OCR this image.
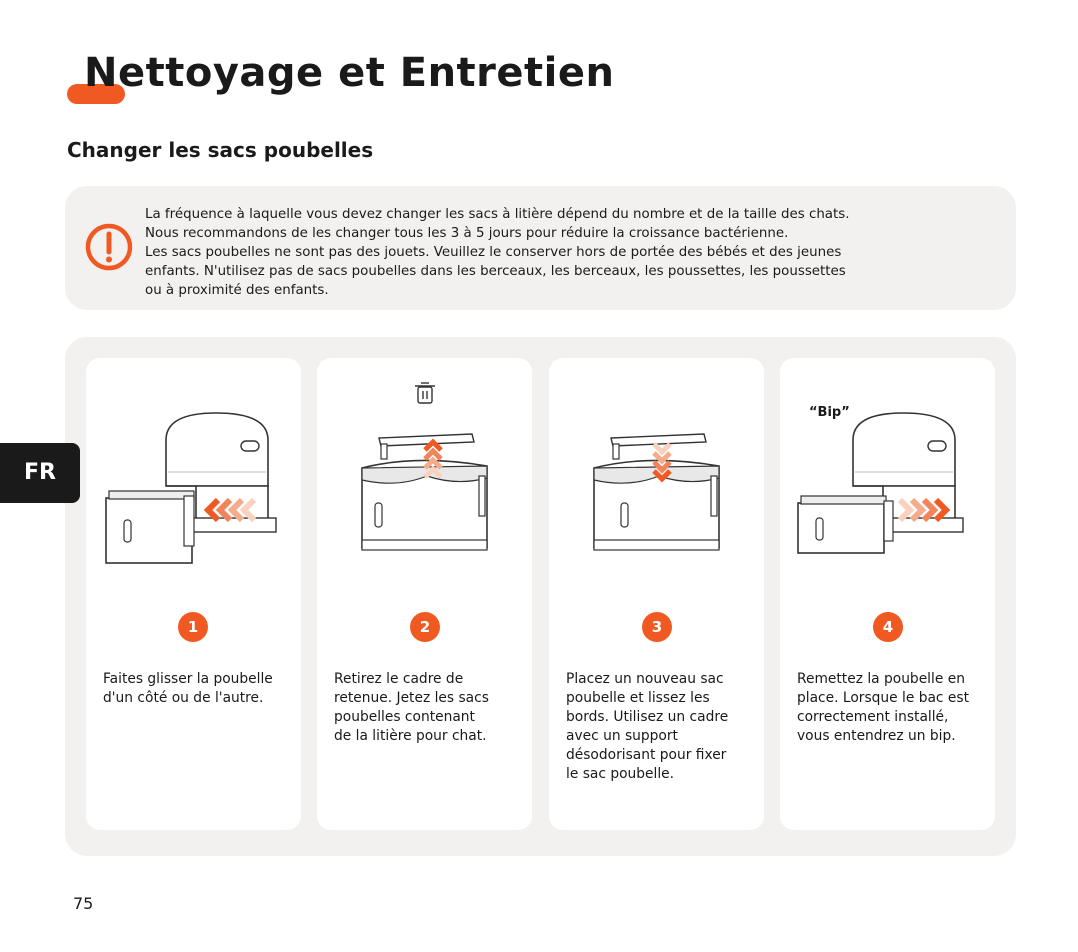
Nettoyage et Entretien
Changer les sacs poubelles

La fréquence à laquelle vous devez changer les sacs à litière dépend du nombre et de la taille des chats.
Nous recommandons de les changer tous les 3 à 5 jours pour réduire la croissance bactérienne.
Les sacs poubelles ne sont pas des jouets. Veuillez le conserver hors de portée des bébés et des jeunes
enfants. N'utilisez pas de sacs poubelles dans les berceaux, les berceaux, les poussettes, les poussettes
ou à proximité des enfants.

1

Faites glisser la poubelle
d'un côté ou de l'autre.

2

Retirez le cadre de
retenue. Jetez les sacs
poubelles contenant
de la litière pour chat.

3

Placez un nouveau sac
poubelle et lissez les
bords. Utilisez un cadre
avec un support
désodorisant pour fixer
le sac poubelle.

“Bip”
4

Remettez la poubelle en
place. Lorsque le bac est
correctement installé,
vous entendrez un bip.

FR
75
